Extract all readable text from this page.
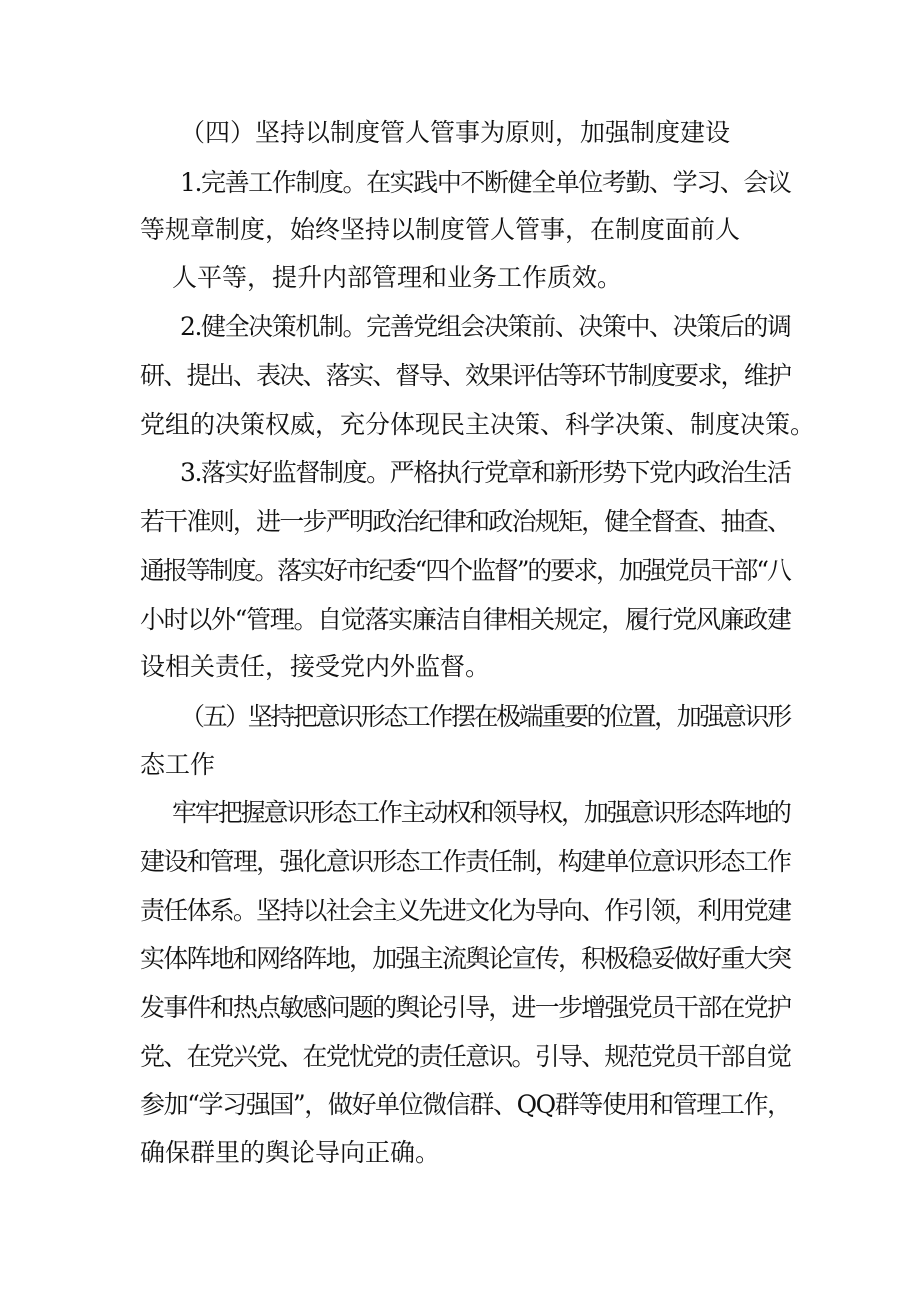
（四）坚持以制度管人管事为原则，加强制度建设
1.完善工作制度。在实践中不断健全单位考勤、学习、会议
等规章制度，始终坚持以制度管人管事，在制度面前人
人平等，提升内部管理和业务工作质效。
2.健全决策机制。完善党组会决策前、决策中、决策后的调
研、提出、表决、落实、督导、效果评估等环节制度要求，维护
党组的决策权威，充分体现民主决策、科学决策、制度决策。
3.落实好监督制度。严格执行党章和新形势下党内政治生活
若干准则，进一步严明政治纪律和政治规矩，健全督查、抽查、
通报等制度。落实好市纪委“四个监督”的要求，加强党员干部“八
小时以外“管理。自觉落实廉洁自律相关规定，履行党风廉政建
设相关责任，接受党内外监督。
（五）坚持把意识形态工作摆在极端重要的位置，加强意识形
态工作
牢牢把握意识形态工作主动权和领导权，加强意识形态阵地的
建设和管理，强化意识形态工作责任制，构建单位意识形态工作
责任体系。坚持以社会主义先进文化为导向、作引领，利用党建
实体阵地和网络阵地，加强主流舆论宣传，积极稳妥做好重大突
发事件和热点敏感问题的舆论引导，进一步增强党员干部在党护
党、在党兴党、在党忧党的责任意识。引导、规范党员干部自觉
参加“学习强国”，做好单位微信群、QQ群等使用和管理工作，
确保群里的舆论导向正确。
